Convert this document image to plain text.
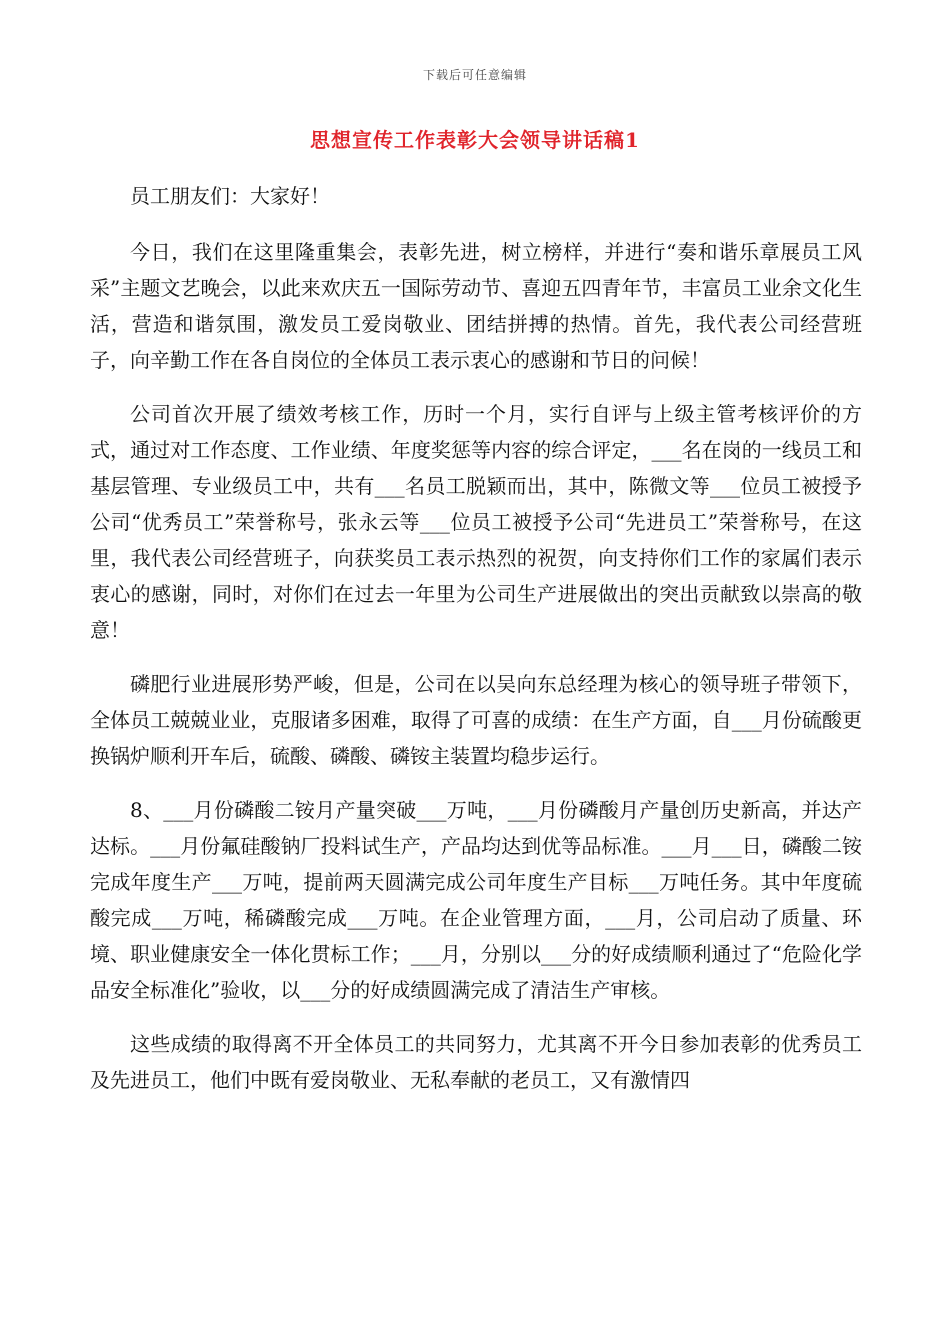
下载后可任意编辑
思想宣传工作表彰大会领导讲话稿1

员工朋友们：大家好！

今日，我们在这里隆重集会，表彰先进，树立榜样，并进行“奏和谐乐章展员工风采”主题文艺晚会，以此来欢庆五一国际劳动节、喜迎五四青年节，丰富员工业余文化生活，营造和谐氛围，激发员工爱岗敬业、团结拼搏的热情。首先，我代表公司经营班子，向辛勤工作在各自岗位的全体员工表示衷心的感谢和节日的问候！

公司首次开展了绩效考核工作，历时一个月，实行自评与上级主管考核评价的方式，通过对工作态度、工作业绩、年度奖惩等内容的综合评定，___名在岗的一线员工和基层管理、专业级员工中，共有___名员工脱颖而出，其中，陈微文等___位员工被授予公司“优秀员工”荣誉称号，张永云等___位员工被授予公司“先进员工”荣誉称号，在这里，我代表公司经营班子，向获奖员工表示热烈的祝贺，向支持你们工作的家属们表示衷心的感谢，同时，对你们在过去一年里为公司生产进展做出的突出贡献致以崇高的敬意！

磷肥行业进展形势严峻，但是，公司在以吴向东总经理为核心的领导班子带领下，全体员工兢兢业业，克服诸多困难，取得了可喜的成绩：在生产方面，自___月份硫酸更换锅炉顺利开车后，硫酸、磷酸、磷铵主装置均稳步运行。

8、___月份磷酸二铵月产量突破___万吨，___月份磷酸月产量创历史新高，并达产达标。___月份氟硅酸钠厂投料试生产，产品均达到优等品标准。___月___日，磷酸二铵完成年度生产___万吨，提前两天圆满完成公司年度生产目标___万吨任务。其中年度硫酸完成___万吨，稀磷酸完成___万吨。在企业管理方面，___月，公司启动了质量、环境、职业健康安全一体化贯标工作；___月，分别以___分的好成绩顺利通过了“危险化学品安全标准化”验收，以___分的好成绩圆满完成了清洁生产审核。

这些成绩的取得离不开全体员工的共同努力，尤其离不开今日参加表彰的优秀员工及先进员工，他们中既有爱岗敬业、无私奉献的老员工，又有激情四
